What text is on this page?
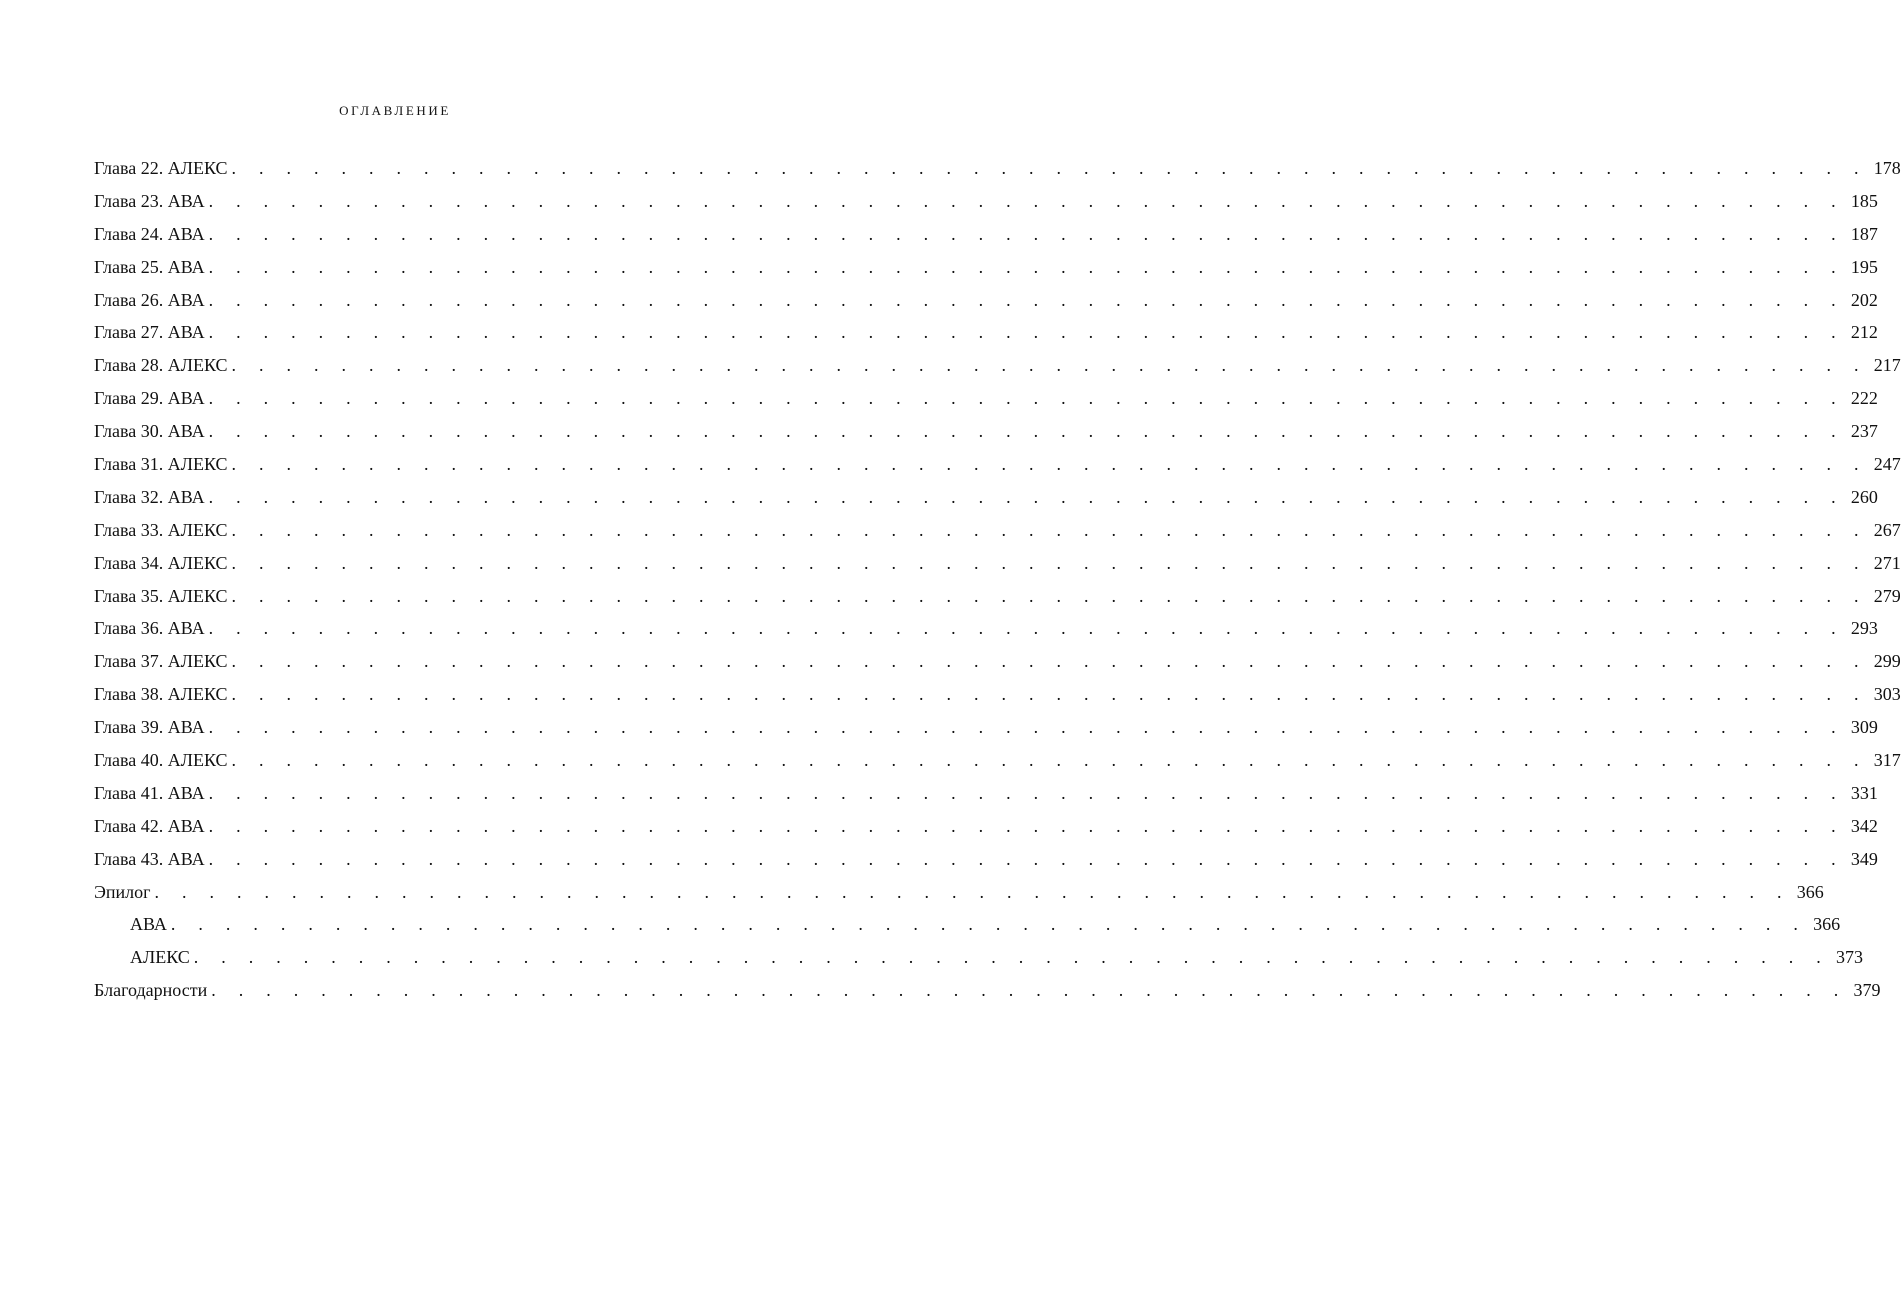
ОГЛАВЛЕНИЕ
Глава 22. АЛЕКС . . . . . . . . . . . . . . . . . . . . . . . . . . . . . . . . . . . . . . . . . . . . . . . . . . . . . . . . . . . . 178
Глава 23. АВА . . . . . . . . . . . . . . . . . . . . . . . . . . . . . . . . . . . . . . . . . . . . . . . . . . . . . . . . . . . . 185
Глава 24. АВА . . . . . . . . . . . . . . . . . . . . . . . . . . . . . . . . . . . . . . . . . . . . . . . . . . . . . . . . . . . . 187
Глава 25. АВА . . . . . . . . . . . . . . . . . . . . . . . . . . . . . . . . . . . . . . . . . . . . . . . . . . . . . . . . . . . . 195
Глава 26. АВА . . . . . . . . . . . . . . . . . . . . . . . . . . . . . . . . . . . . . . . . . . . . . . . . . . . . . . . . . . . . 202
Глава 27. АВА . . . . . . . . . . . . . . . . . . . . . . . . . . . . . . . . . . . . . . . . . . . . . . . . . . . . . . . . . . . . 212
Глава 28. АЛЕКС . . . . . . . . . . . . . . . . . . . . . . . . . . . . . . . . . . . . . . . . . . . . . . . . . . . . . . . . . . . . 217
Глава 29. АВА . . . . . . . . . . . . . . . . . . . . . . . . . . . . . . . . . . . . . . . . . . . . . . . . . . . . . . . . . . . . 222
Глава 30. АВА . . . . . . . . . . . . . . . . . . . . . . . . . . . . . . . . . . . . . . . . . . . . . . . . . . . . . . . . . . . . 237
Глава 31. АЛЕКС . . . . . . . . . . . . . . . . . . . . . . . . . . . . . . . . . . . . . . . . . . . . . . . . . . . . . . . . . . . . 247
Глава 32. АВА . . . . . . . . . . . . . . . . . . . . . . . . . . . . . . . . . . . . . . . . . . . . . . . . . . . . . . . . . . . . 260
Глава 33. АЛЕКС . . . . . . . . . . . . . . . . . . . . . . . . . . . . . . . . . . . . . . . . . . . . . . . . . . . . . . . . . . . . 267
Глава 34. АЛЕКС . . . . . . . . . . . . . . . . . . . . . . . . . . . . . . . . . . . . . . . . . . . . . . . . . . . . . . . . . . . . 271
Глава 35. АЛЕКС . . . . . . . . . . . . . . . . . . . . . . . . . . . . . . . . . . . . . . . . . . . . . . . . . . . . . . . . . . . . 279
Глава 36. АВА . . . . . . . . . . . . . . . . . . . . . . . . . . . . . . . . . . . . . . . . . . . . . . . . . . . . . . . . . . . . 293
Глава 37. АЛЕКС . . . . . . . . . . . . . . . . . . . . . . . . . . . . . . . . . . . . . . . . . . . . . . . . . . . . . . . . . . . . 299
Глава 38. АЛЕКС . . . . . . . . . . . . . . . . . . . . . . . . . . . . . . . . . . . . . . . . . . . . . . . . . . . . . . . . . . . . 303
Глава 39. АВА . . . . . . . . . . . . . . . . . . . . . . . . . . . . . . . . . . . . . . . . . . . . . . . . . . . . . . . . . . . . 309
Глава 40. АЛЕКС . . . . . . . . . . . . . . . . . . . . . . . . . . . . . . . . . . . . . . . . . . . . . . . . . . . . . . . . . . . . 317
Глава 41. АВА . . . . . . . . . . . . . . . . . . . . . . . . . . . . . . . . . . . . . . . . . . . . . . . . . . . . . . . . . . . . 331
Глава 42. АВА . . . . . . . . . . . . . . . . . . . . . . . . . . . . . . . . . . . . . . . . . . . . . . . . . . . . . . . . . . . . 342
Глава 43. АВА . . . . . . . . . . . . . . . . . . . . . . . . . . . . . . . . . . . . . . . . . . . . . . . . . . . . . . . . . . . . 349
Эпилог . . . . . . . . . . . . . . . . . . . . . . . . . . . . . . . . . . . . . . . . . . . . . . . . . . . . . . . . . . . . 366
АВА . . . . . . . . . . . . . . . . . . . . . . . . . . . . . . . . . . . . . . . . . . . . . . . . . . . . . . . . . . . . 366
АЛЕКС . . . . . . . . . . . . . . . . . . . . . . . . . . . . . . . . . . . . . . . . . . . . . . . . . . . . . . . . . . . . 373
Благодарности . . . . . . . . . . . . . . . . . . . . . . . . . . . . . . . . . . . . . . . . . . . . . . . . . . . . . . . . . . . . 379
